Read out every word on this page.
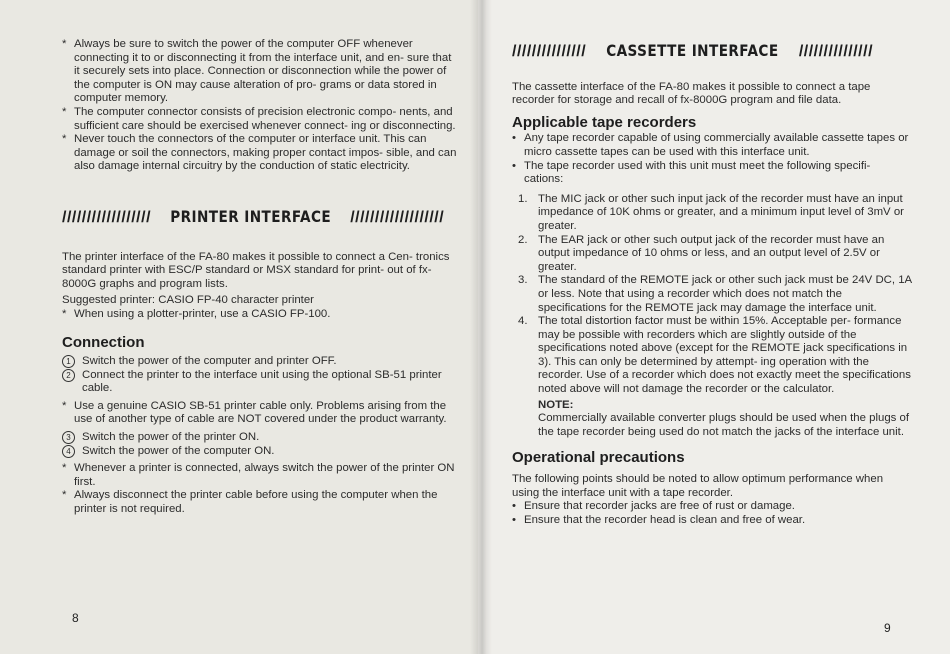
* Always be sure to switch the power of the computer OFF whenever connecting it to or disconnecting it from the interface unit, and en- sure that it securely sets into place. Connection or disconnection while the power of the computer is ON may cause alteration of pro- grams or data stored in computer memory.

* The computer connector consists of precision electronic compo- nents, and sufficient care should be exercised whenever connect- ing or disconnecting.

* Never touch the connectors of the computer or interface unit. This can damage or soil the connectors, making proper contact impos- sible, and can also damage internal circuitry by the conduction of static electricity.

////////////////// PRINTER INTERFACE ///////////////////

The printer interface of the FA-80 makes it possible to connect a Cen- tronics standard printer with ESC/P standard or MSX standard for print- out of fx-8000G graphs and program lists.

Suggested printer: CASIO FP-40 character printer

* When using a plotter-printer, use a CASIO FP-100.

Connection

1 Switch the power of the computer and printer OFF.

2 Connect the printer to the interface unit using the optional SB-51 printer cable.

* Use a genuine CASIO SB-51 printer cable only. Problems arising from the use of another type of cable are NOT covered under the product warranty.

3 Switch the power of the printer ON.

4 Switch the power of the computer ON.

* Whenever a printer is connected, always switch the power of the printer ON first.

* Always disconnect the printer cable before using the computer when the printer is not required.

8
/////////////// CASSETTE INTERFACE ///////////////

The cassette interface of the FA-80 makes it possible to connect a tape recorder for storage and recall of fx-8000G program and file data.

Applicable tape recorders

• Any tape recorder capable of using commercially available cassette tapes or micro cassette tapes can be used with this interface unit.

• The tape recorder used with this unit must meet the following specifi- cations:

1. The MIC jack or other such input jack of the recorder must have an input impedance of 10K ohms or greater, and a minimum input level of 3mV or greater.

2. The EAR jack or other such output jack of the recorder must have an output impedance of 10 ohms or less, and an output level of 2.5V or greater.

3. The standard of the REMOTE jack or other such jack must be 24V DC, 1A or less. Note that using a recorder which does not match the specifications for the REMOTE jack may damage the interface unit.

4. The total distortion factor must be within 15%. Acceptable per- formance may be possible with recorders which are slightly outside of the specifications noted above (except for the REMOTE jack specifications in 3). This can only be determined by attempt- ing operation with the recorder. Use of a recorder which does not exactly meet the specifications noted above will not damage the recorder or the calculator.

NOTE:

Commercially available converter plugs should be used when the plugs of the tape recorder being used do not match the jacks of the interface unit.

Operational precautions

The following points should be noted to allow optimum performance when using the interface unit with a tape recorder.

• Ensure that recorder jacks are free of rust or damage.

• Ensure that the recorder head is clean and free of wear.

9
